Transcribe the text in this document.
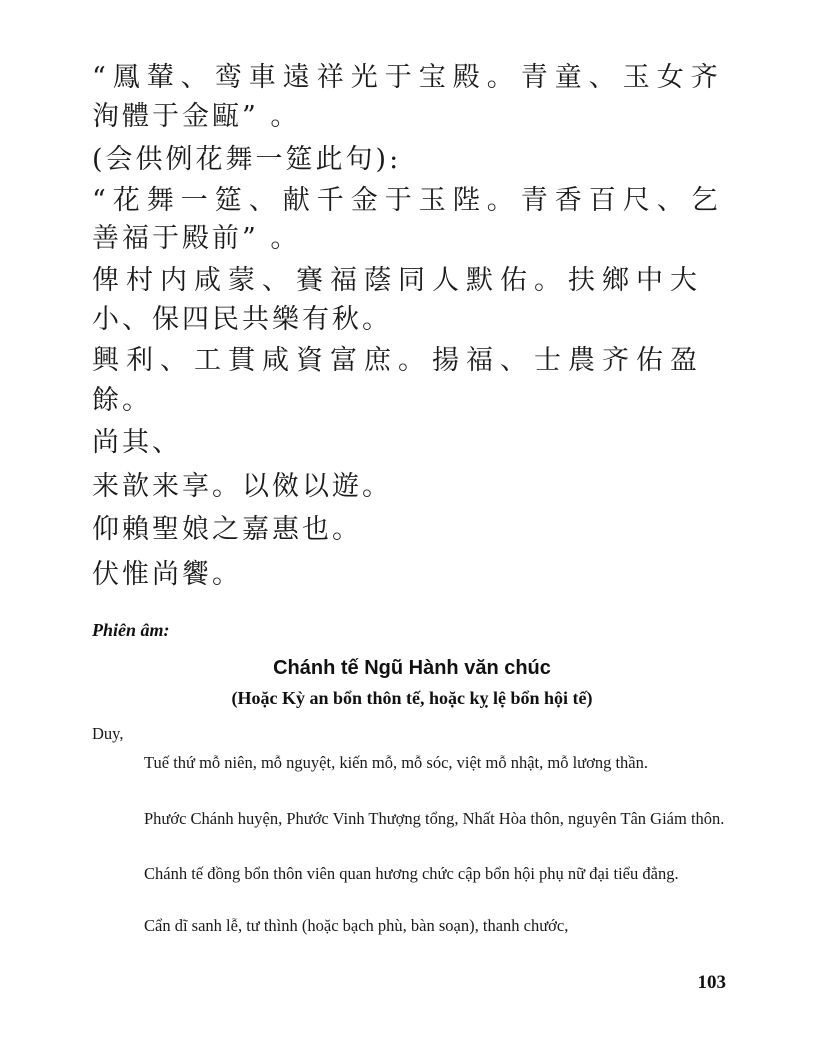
“鳳輦、鸾車遠祥光于宝殿。青童、玉女齐
洵體于金甌” 。
(会供例花舞一筵此句):
“花舞一筵、献千金于玉陛。青香百尺、乞
善福于殿前” 。
俾村内咸蒙、賽福蔭同人默佑。扶鄉中大
小、保四民共樂有秋。
興利、工貫咸資富庶。揚福、士農齐佑盈
餘。
尚其、
来歆来享。以傚以遊。
仰賴聖娘之嘉惠也。
伏惟尚饗。
Phiên âm:
Chánh tế Ngũ Hành văn chúc
(Hoặc Kỳ an bổn thôn tế, hoặc kỵ lệ bổn hội tế)
Duy,
Tuế thứ mỗ niên, mỗ nguyệt, kiến mỗ, mỗ sóc, việt mỗ nhật, mỗ lương thần.
Phước Chánh huyện, Phước Vinh Thượng tổng, Nhất Hòa thôn, nguyên Tân Giám thôn.
Chánh tế đồng bổn thôn viên quan hương chức cập bổn hội phụ nữ đại tiểu đẳng.
Cẩn dĩ sanh lễ, tư thình (hoặc bạch phù, bàn soạn), thanh chước,
103
